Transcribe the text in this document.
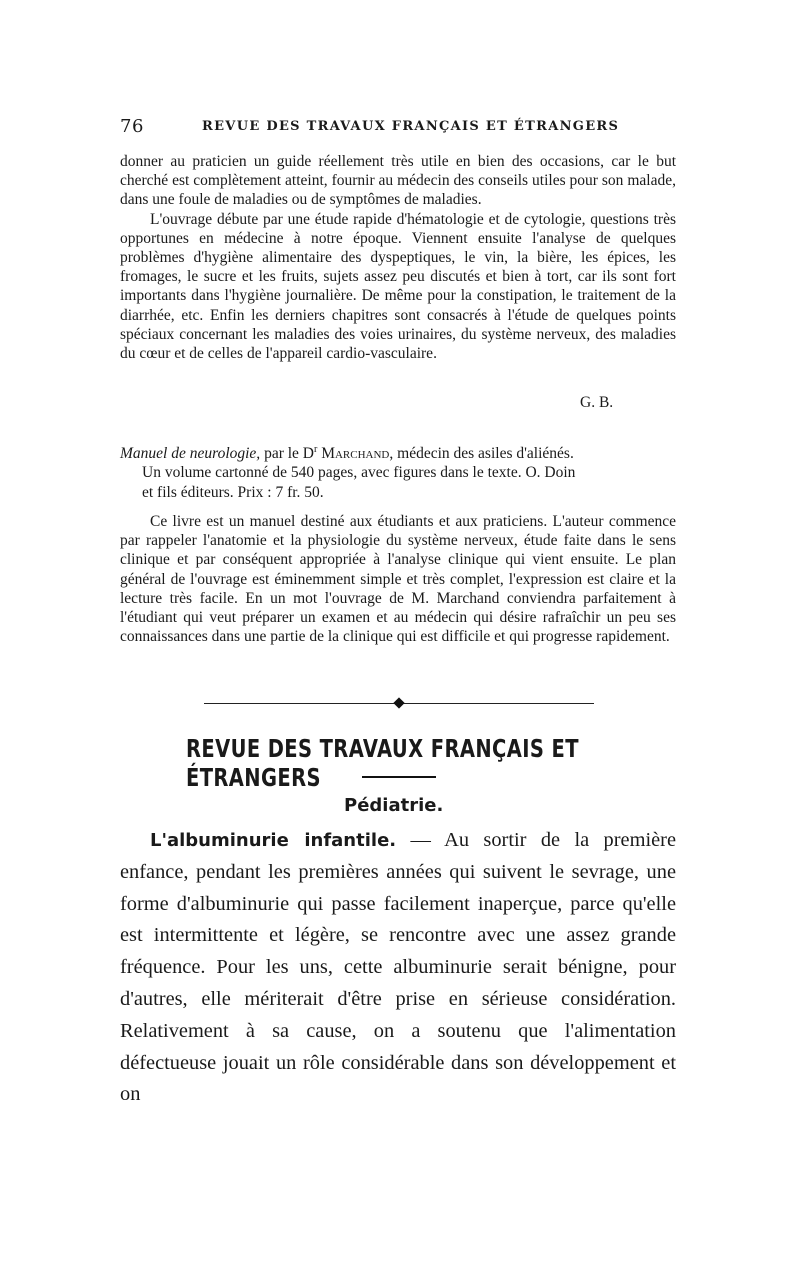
76	REVUE DES TRAVAUX FRANÇAIS ET ÉTRANGERS

donner au praticien un guide réellement très utile en bien des occasions, car le but cherché est complètement atteint, fournir au médecin des conseils utiles pour son malade, dans une foule de maladies ou de symptômes de maladies.

L'ouvrage débute par une étude rapide d'hématologie et de cytologie, questions très opportunes en médecine à notre époque. Viennent ensuite l'analyse de quelques problèmes d'hygiène alimentaire des dyspeptiques, le vin, la bière, les épices, les fromages, le sucre et les fruits, sujets assez peu discutés et bien à tort, car ils sont fort importants dans l'hygiène journalière. De même pour la constipation, le traitement de la diarrhée, etc. Enfin les derniers chapitres sont consacrés à l'étude de quelques points spéciaux concernant les maladies des voies urinaires, du système nerveux, des maladies du cœur et de celles de l'appareil cardio-vasculaire.

G. B.
Manuel de neurologie, par le $D^r$ Marchand, médecin des asiles d'aliénés.
Un volume cartonné de 540 pages, avec figures dans le texte. O. Doin
et fils éditeurs. Prix : 7 fr. 50.

Ce livre est un manuel destiné aux étudiants et aux praticiens. L'auteur commence par rappeler l'anatomie et la physiologie du système nerveux, étude faite dans le sens clinique et par conséquent appropriée à l'analyse clinique qui vient ensuite. Le plan général de l'ouvrage est éminemment simple et très complet, l'expression est claire et la lecture très facile. En un mot l'ouvrage de M. Marchand conviendra parfaitement à l'étudiant qui veut préparer un examen et au médecin qui désire rafraîchir un peu ses connaissances dans une partie de la clinique qui est difficile et qui progresse rapidement.

REVUE DES TRAVAUX FRANÇAIS ET ÉTRANGERS
Pédiatrie.
L'albuminurie infantile. — Au sortir de la première enfance, pendant les premières années qui suivent le sevrage, une forme d'albuminurie qui passe facilement inaperçue, parce qu'elle est intermittente et légère, se rencontre avec une assez grande fréquence. Pour les uns, cette albuminurie serait bénigne, pour d'autres, elle mériterait d'être prise en sérieuse considération. Relativement à sa cause, on a soutenu que l'alimentation défectueuse jouait un rôle considérable dans son développement et on
